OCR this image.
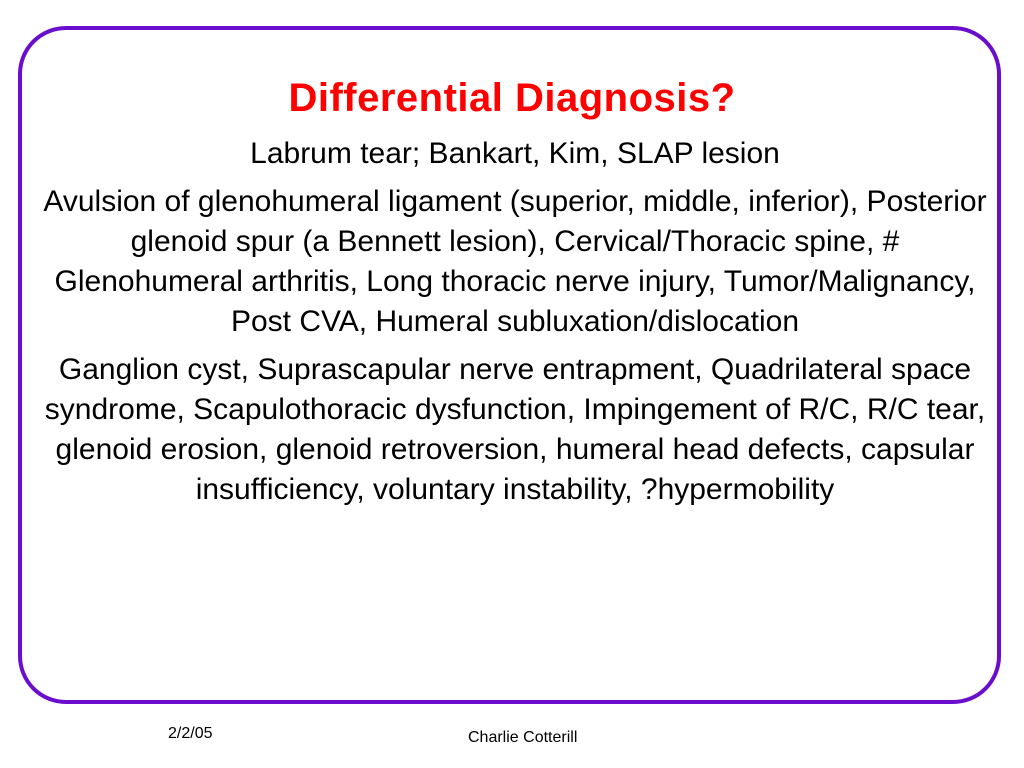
Differential Diagnosis?

Labrum tear; Bankart, Kim, SLAP lesion

Avulsion of glenohumeral ligament (superior, middle, inferior), Posterior glenoid spur (a Bennett lesion), Cervical/Thoracic spine, # Glenohumeral arthritis, Long thoracic nerve injury, Tumor/Malignancy, Post CVA, Humeral subluxation/dislocation

Ganglion cyst, Suprascapular nerve entrapment, Quadrilateral space syndrome, Scapulothoracic dysfunction, Impingement of R/C, R/C tear, glenoid erosion, glenoid retroversion, humeral head defects, capsular insufficiency, voluntary instability, ?hypermobility

2/2/05	Charlie Cotterill
